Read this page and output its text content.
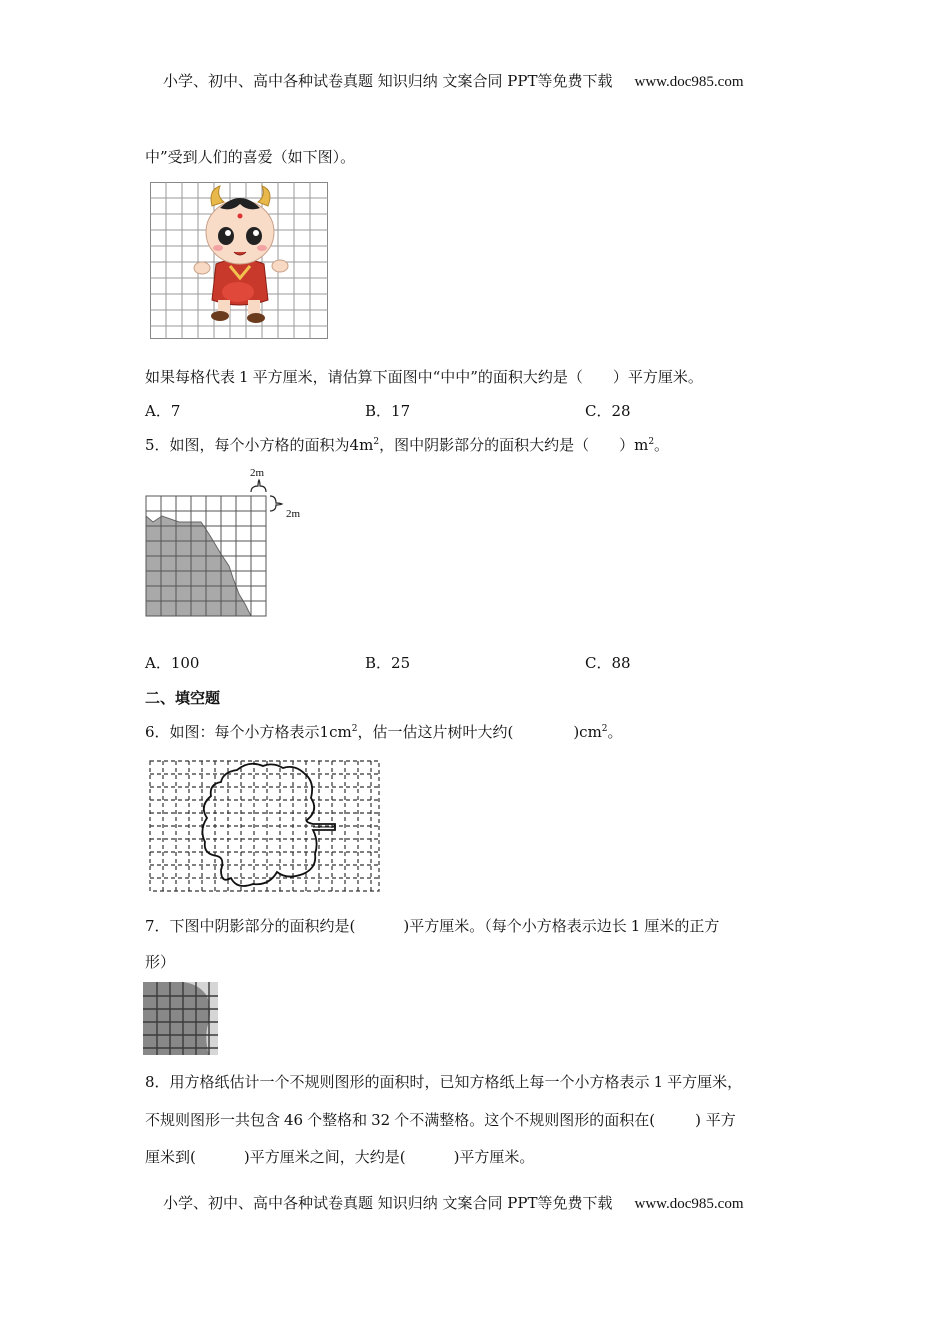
小学、初中、高中各种试卷真题 知识归纳 文案合同 PPT等免费下载 www.doc985.com
中”受到人们的喜爱（如下图）。
如果每格代表 1 平方厘米，请估算下面图中“中中”的面积大约是（ ）平方厘米。
A．7	B．17	C．28
5．如图，每个小方格的面积为$4m^2$，图中阴影部分的面积大约是（ ）$m^2$。
2m
2m
A．100	B．25	C．88
二、填空题
6．如图：每个小方格表示$1cm^2$，估一估这片树叶大约(	)$cm^2$。
7．下图中阴影部分的面积约是(	)平方厘米。（每个小方格表示边长 1 厘米的正方
形）
8．用方格纸估计一个不规则图形的面积时，已知方格纸上每一个小方格表示 1 平方厘米，
不规则图形一共包含 46 个整格和 32 个不满整格。这个不规则图形的面积在(	) 平方
厘米到(	)平方厘米之间，大约是(	)平方厘米。
小学、初中、高中各种试卷真题 知识归纳 文案合同 PPT等免费下载 www.doc985.com
